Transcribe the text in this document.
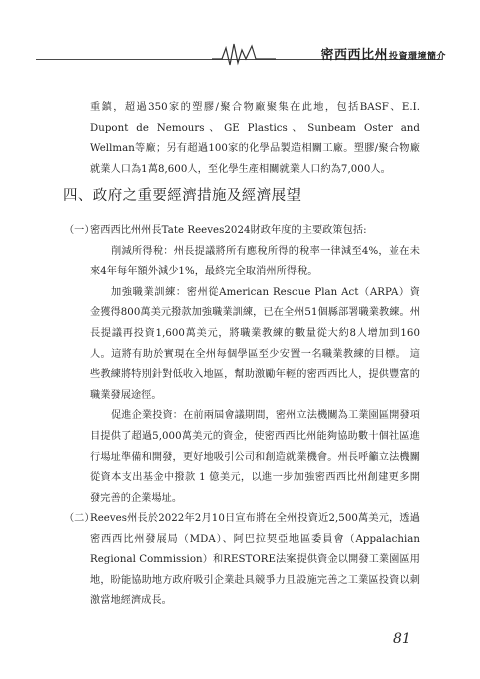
密西西比州投資環境簡介

重鎮，超過350家的塑膠/聚合物廠聚集在此地，包括BASF、E.I. Dupont de Nemours、GE Plastics、Sunbeam Oster and Wellman等廠；另有超過100家的化學品製造相關工廠。塑膠/聚合物廠就業人口為1萬8,600人，至化學生產相關就業人口約為7,000人。

四、政府之重要經濟措施及經濟展望
（一）

密西西比州州長Tate Reeves2024財政年度的主要政策包括:

削減所得稅：州長提議將所有應稅所得的稅率一律減至4%，並在未來4年每年額外減少1%，最終完全取消州所得稅。

加強職業訓練：密州從American Rescue Plan Act（ARPA）資金獲得800萬美元撥款加強職業訓練，已在全州51個縣部署職業教練。州長提議再投資1,600萬美元，將職業教練的數量從大約8人增加到160人。這將有助於實現在全州每個學區至少安置一名職業教練的目標。 這些教練將特別針對低收入地區，幫助激勵年輕的密西西比人，提供豐富的職業發展途徑。

促進企業投資：在前兩屆會議期間，密州立法機關為工業園區開發項目提供了超過5,000萬美元的資金，使密西西比州能夠協助數十個社區進行場址準備和開發，更好地吸引公司和創造就業機會。州長呼籲立法機關從資本支出基金中撥款 1 億美元，以進一步加強密西西比州創建更多開發完善的企業場址。

（二）

Reeves州長於2022年2月10日宣布將在全州投資近2,500萬美元，透過密西西比州發展局（MDA）、阿巴拉契亞地區委員會（Appalachian Regional Commission）和RESTORE法案提供資金以開發工業園區用地，盼能協助地方政府吸引企業赴具競爭力且設施完善之工業區投資以刺激當地經濟成長。

81
